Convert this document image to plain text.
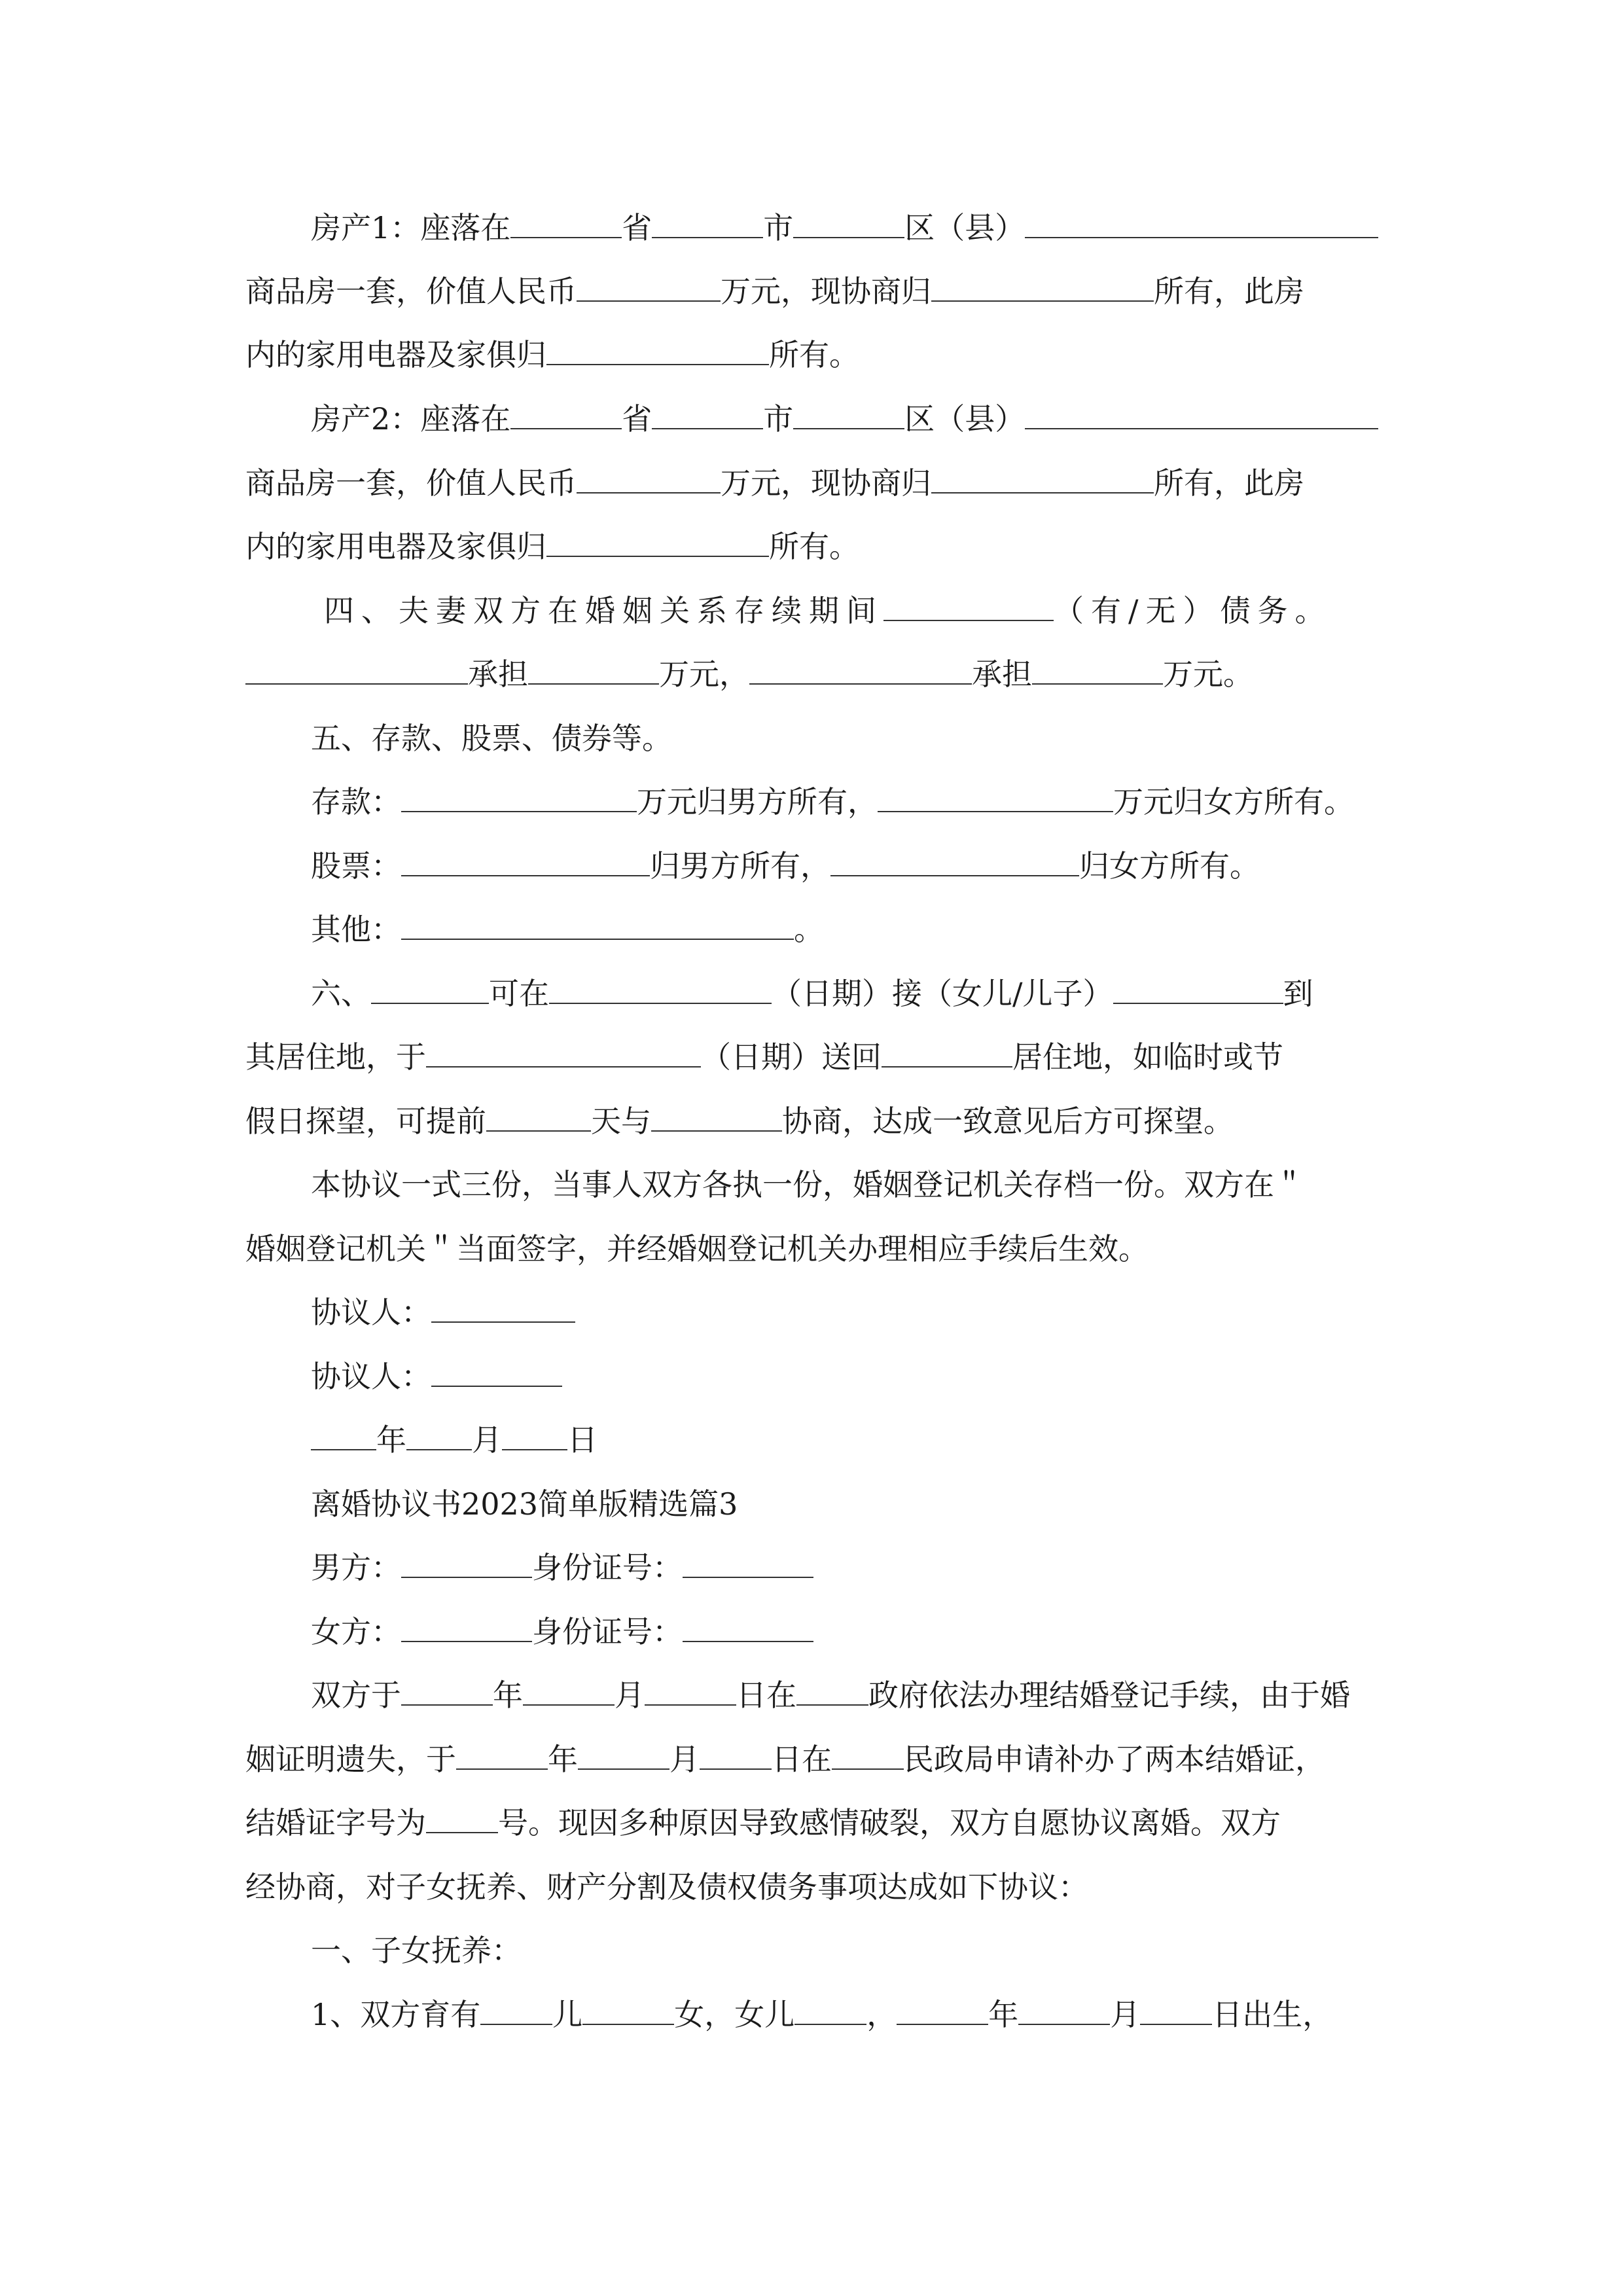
房产1：座落在	省	市	区（县）
商品房一套，价值人民币	万元，现协商归	所有，此房
内的家用电器及家俱归	所有。
房产2：座落在	省	市	区（县）
商品房一套，价值人民币	万元，现协商归	所有，此房
内的家用电器及家俱归	所有。
四、夫妻双方在婚姻关系存续期间	（有/无）债务。
承担	万元，	承担	万元。
五、存款、股票、债券等。
存款：	万元归男方所有，	万元归女方所有。
股票：	归男方所有，	归女方所有。
其他：	。
六、	可在	（日期）接（女儿/儿子）	到
其居住地，于	（日期）送回	居住地，如临时或节
假日探望，可提前	天与	协商，达成一致意见后方可探望。
本协议一式三份，当事人双方各执一份，婚姻登记机关存档一份。双方在＂
婚姻登记机关＂当面签字，并经婚姻登记机关办理相应手续后生效。
协议人：
协议人：
年 月 日
离婚协议书2023简单版精选篇3
男方：	身份证号：
女方：	身份证号：
双方于	年	月	日在 政府依法办理结婚登记手续，由于婚
姻证明遗失，于	年	月 日在 民政局申请补办了两本结婚证，
结婚证字号为 号。现因多种原因导致感情破裂，双方自愿协议离婚。双方
经协商，对子女抚养、财产分割及债权债务事项达成如下协议：
一、子女抚养：
1、双方育有 儿	女，女儿 ，	年	月 日出生，
